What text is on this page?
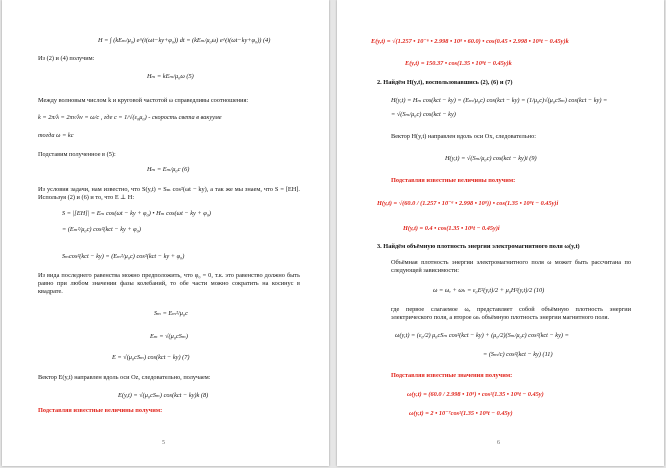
H = ∫ (kEₘ/μ₀) e^(i(ωt−ky+φ₀)) dt = (kEₘ/μ₀ω) e^(i(ωt−ky+φ₀)) (4)
Из (2) и (4) получим:
Hₘ = kEₘ/μ₀ω (5)
Между волновым числом k и круговой частотой ω справедливы соотношения:
k = 2π/λ = 2πν/λν = ω/c , где c = 1/√(ε₀μ₀) - скорость света в вакууме
тогда ω = kc
Подставим полученное в (5):
Hₘ = Eₘ/μ₀c (6)
Из условия задачи, нам известно, что S(y,t) = Sₘ cos²(ωt − ky), а так же мы знаем, что S = [EH]. Используя (2) и (6) и то, что E ⊥ H:
S = |[EH]| = Eₘ cos(ωt − ky + φ₀) • Hₘ cos(ωt − ky + φ₀)
= (Eₘ²/μ₀c) cos²(kct − ky + φ₀)
Sₘcos²(kct − ky) = (Eₘ²/μ₀c) cos²(kct − ky + φ₀)
Из вида последнего равенства можно предположить, что φ₀ = 0, т.к. это равенство должно быть равно при любом значении фазы колебаний, то обе части можно сократить на косинус в квадрате.
Sₘ = Eₘ²/μ₀c
Eₘ = √(μ₀cSₘ)
E = √(μ₀cSₘ) cos(kct − ky) (7)
Вектор E(y,t) направлен вдоль оси Oz, следовательно, получаем:
E(y,t) = √(μ₀cSₘ) cos(kct − ky)k (8)
Подставляя известные величины получим:
5
E(y,t) = √(1.257 • 10⁻⁶ • 2.998 • 10⁸ • 60.0) • cos(0.45 • 2.998 • 10⁸t − 0.45y)k
E(y,t) = 150.37 • cos(1.35 • 10⁸t − 0.45y)k
2. Найдём H(y,t), воспользовавшись (2), (6) и (7)
H(y,t) = Hₘ cos(kct − ky) = (Eₘ/μ₀c) cos(kct − ky) = (1/μ₀c)√(μ₀cSₘ) cos(kct − ky) =
= √(Sₘ/μ₀c) cos(kct − ky)
Вектор H(y,t) направлен вдоль оси Ox, следовательно:
H(y,t) = √(Sₘ/μ₀c) cos(kct − ky)i (9)
Подставляя известные величины получим:
H(y,t) = √(60.0 / (1.257 • 10⁻⁶ • 2.998 • 10⁸)) • cos(1.35 • 10⁸t − 0.45y)i
H(y,t) = 0.4 • cos(1.35 • 10⁸t − 0.45y)i
3. Найдём объёмную плотность энергии электромагнитного поля ω(y,t)
Объёмная плотность энергии электромагнитного поля ω может быть рассчитана по следующей зависимости:
ω = ωₑ + ωₕ = ε₀E²(y,t)/2 + μ₀H²(y,t)/2 (10)
где первое слагаемое ωₑ представляет собой объёмную плотность энергии электрического поля, а второе ωₕ объёмную плотность энергии магнитного поля.
ω(y,t) = (ε₀/2) μ₀cSₘ cos²(kct − ky) + (μ₀/2)(Sₘ/μ₀c) cos²(kct − ky) =
= (Sₘ/c) cos²(kct − ky) (11)
Подставляя известные значения получим:
ω(y,t) = (60.0 / 2.998 • 10⁸) • cos²(1.35 • 10⁸t − 0.45y)
ω(y,t) = 2 • 10⁻⁷cos²(1.35 • 10⁸t − 0.45y)
6
